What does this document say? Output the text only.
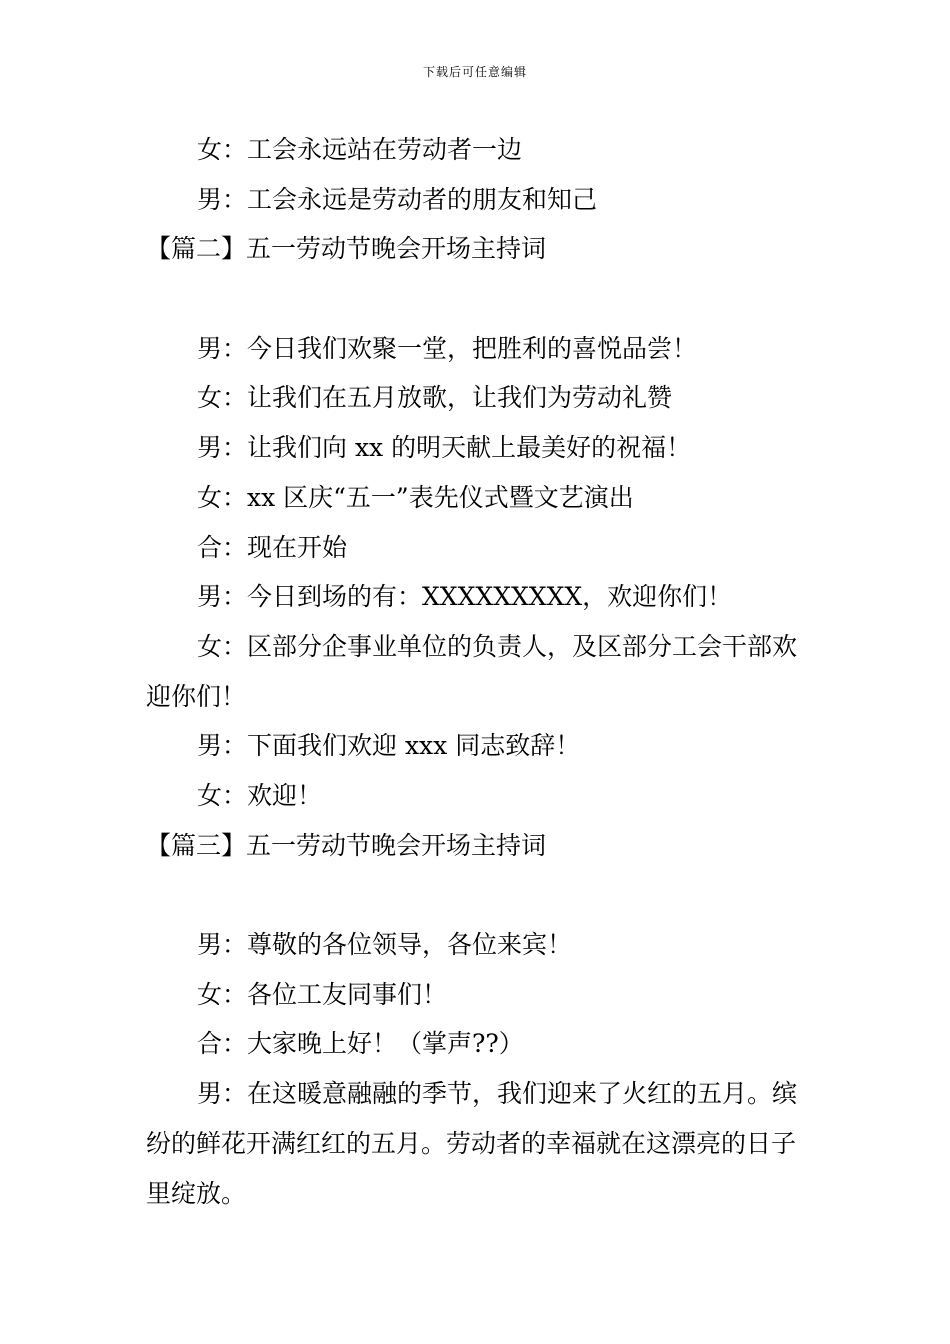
下载后可任意编辑
女：工会永远站在劳动者一边
男：工会永远是劳动者的朋友和知己
【篇二】五一劳动节晚会开场主持词
男：今日我们欢聚一堂，把胜利的喜悦品尝！
女：让我们在五月放歌，让我们为劳动礼赞
男：让我们向 xx 的明天献上最美好的祝福！
女：xx 区庆“五一”表先仪式暨文艺演出
合：现在开始
男：今日到场的有：XXXXXXXXX，欢迎你们！
女：区部分企事业单位的负责人，及区部分工会干部欢迎你们！
男：下面我们欢迎 xxx 同志致辞！
女：欢迎！
【篇三】五一劳动节晚会开场主持词
男：尊敬的各位领导，各位来宾！
女：各位工友同事们！
合：大家晚上好！（掌声??）
男：在这暖意融融的季节，我们迎来了火红的五月。缤纷的鲜花开满红红的五月。劳动者的幸福就在这漂亮的日子里绽放。
